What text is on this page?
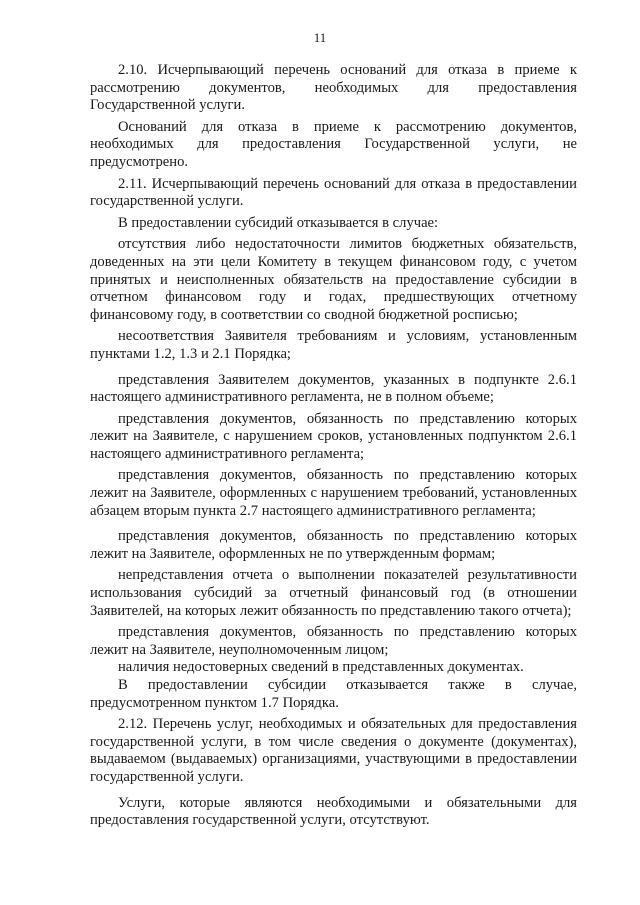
11

2.10. Исчерпывающий перечень оснований для отказа в приеме к рассмотрению документов, необходимых для предоставления Государственной услуги.

Оснований для отказа в приеме к рассмотрению документов, необходимых для предоставления Государственной услуги, не предусмотрено.

2.11. Исчерпывающий перечень оснований для отказа в предоставлении государственной услуги.

В предоставлении субсидий отказывается в случае:

отсутствия либо недостаточности лимитов бюджетных обязательств, доведенных на эти цели Комитету в текущем финансовом году, с учетом принятых и неисполненных обязательств на предоставление субсидии в отчетном финансовом году и годах, предшествующих отчетному финансовому году, в соответствии со сводной бюджетной росписью;

несоответствия Заявителя требованиям и условиям, установленным пунктами 1.2, 1.3 и 2.1 Порядка;

представления Заявителем документов, указанных в подпункте 2.6.1 настоящего административного регламента, не в полном объеме;

представления документов, обязанность по представлению которых лежит на Заявителе, с нарушением сроков, установленных подпунктом 2.6.1 настоящего административного регламента;

представления документов, обязанность по представлению которых лежит на Заявителе, оформленных с нарушением требований, установленных абзацем вторым пункта 2.7 настоящего административного регламента;

представления документов, обязанность по представлению которых лежит на Заявителе, оформленных не по утвержденным формам;

непредставления отчета о выполнении показателей результативности использования субсидий за отчетный финансовый год (в отношении Заявителей, на которых лежит обязанность по представлению такого отчета);

представления документов, обязанность по представлению которых лежит на Заявителе, неуполномоченным лицом;

наличия недостоверных сведений в представленных документах.

В предоставлении субсидии отказывается также в случае, предусмотренном пунктом 1.7 Порядка.

2.12. Перечень услуг, необходимых и обязательных для предоставления государственной услуги, в том числе сведения о документе (документах), выдаваемом (выдаваемых) организациями, участвующими в предоставлении государственной услуги.

Услуги, которые являются необходимыми и обязательными для предоставления государственной услуги, отсутствуют.
